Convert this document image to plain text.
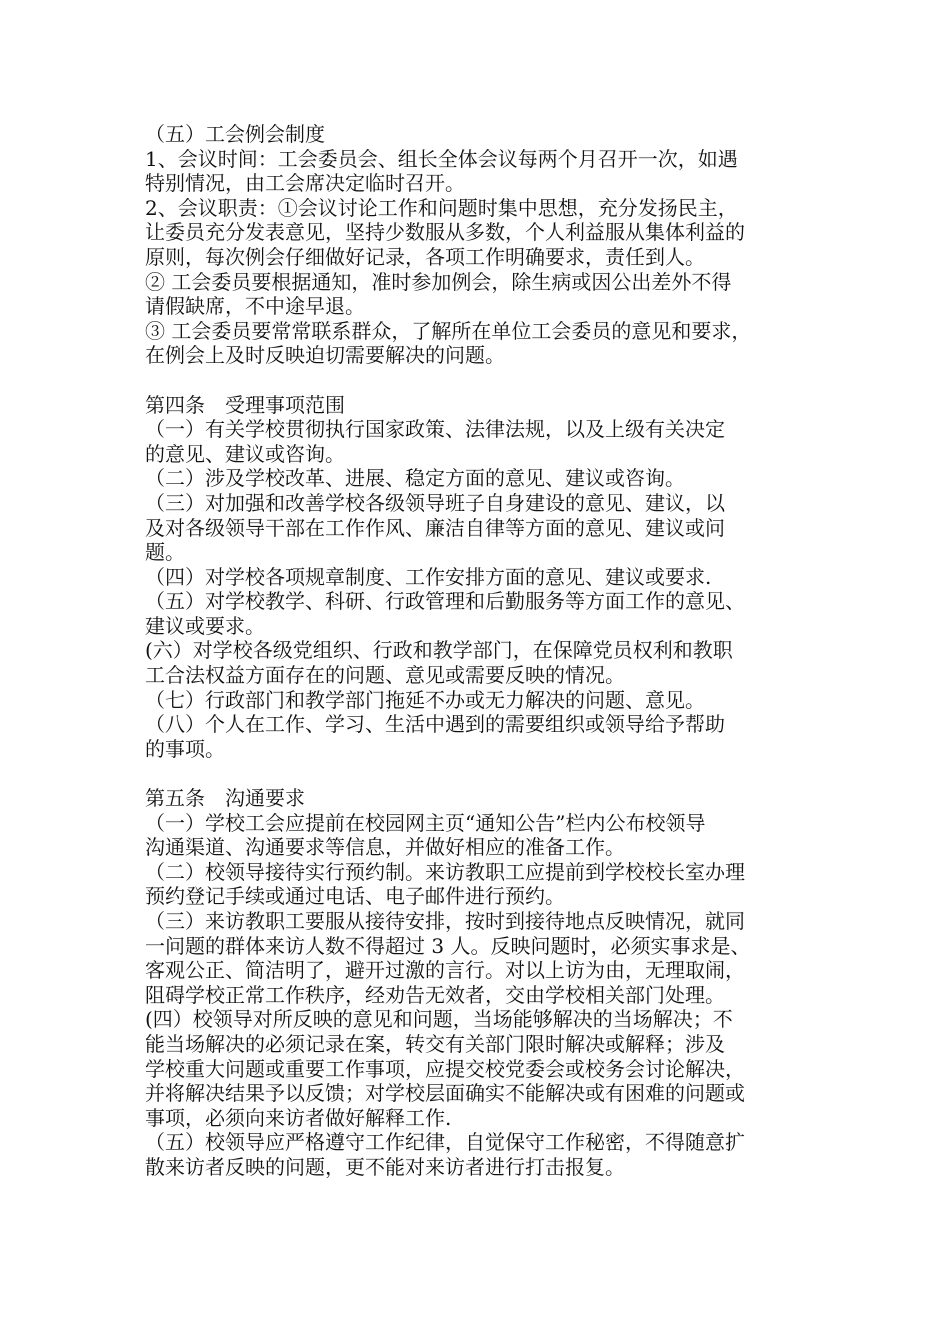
（五）工会例会制度
1、会议时间：工会委员会、组长全体会议每两个月召开一次，如遇
特别情况，由工会席决定临时召开。
2、会议职责：①会议讨论工作和问题时集中思想，充分发扬民主，
让委员充分发表意见，坚持少数服从多数，个人利益服从集体利益的
原则，每次例会仔细做好记录，各项工作明确要求，责任到人。
② 工会委员要根据通知，准时参加例会，除生病或因公出差外不得
请假缺席，不中途早退。
③ 工会委员要常常联系群众，了解所在单位工会委员的意见和要求，
在例会上及时反映迫切需要解决的问题。
第四条　受理事项范围
（一）有关学校贯彻执行国家政策、法律法规，以及上级有关决定
的意见、建议或咨询。
（二）涉及学校改革、进展、稳定方面的意见、建议或咨询。
（三）对加强和改善学校各级领导班子自身建设的意见、建议，以
及对各级领导干部在工作作风、廉洁自律等方面的意见、建议或问
题。
（四）对学校各项规章制度、工作安排方面的意见、建议或要求.
（五）对学校教学、科研、行政管理和后勤服务等方面工作的意见、
建议或要求。
(六）对学校各级党组织、行政和教学部门，在保障党员权利和教职
工合法权益方面存在的问题、意见或需要反映的情况。
（七）行政部门和教学部门拖延不办或无力解决的问题、意见。
（八）个人在工作、学习、生活中遇到的需要组织或领导给予帮助
的事项。
第五条　沟通要求
（一）学校工会应提前在校园网主页“通知公告”栏内公布校领导
沟通渠道、沟通要求等信息，并做好相应的准备工作。
（二）校领导接待实行预约制。来访教职工应提前到学校校长室办理
预约登记手续或通过电话、电子邮件进行预约。
（三）来访教职工要服从接待安排，按时到接待地点反映情况，就同
一问题的群体来访人数不得超过 3 人。反映问题时，必须实事求是、
客观公正、简洁明了，避开过激的言行。对以上访为由，无理取闹，
阻碍学校正常工作秩序，经劝告无效者，交由学校相关部门处理。
(四）校领导对所反映的意见和问题，当场能够解决的当场解决；不
能当场解决的必须记录在案，转交有关部门限时解决或解释；涉及
学校重大问题或重要工作事项，应提交校党委会或校务会讨论解决，
并将解决结果予以反馈；对学校层面确实不能解决或有困难的问题或
事项，必须向来访者做好解释工作.
（五）校领导应严格遵守工作纪律，自觉保守工作秘密，不得随意扩
散来访者反映的问题，更不能对来访者进行打击报复。
